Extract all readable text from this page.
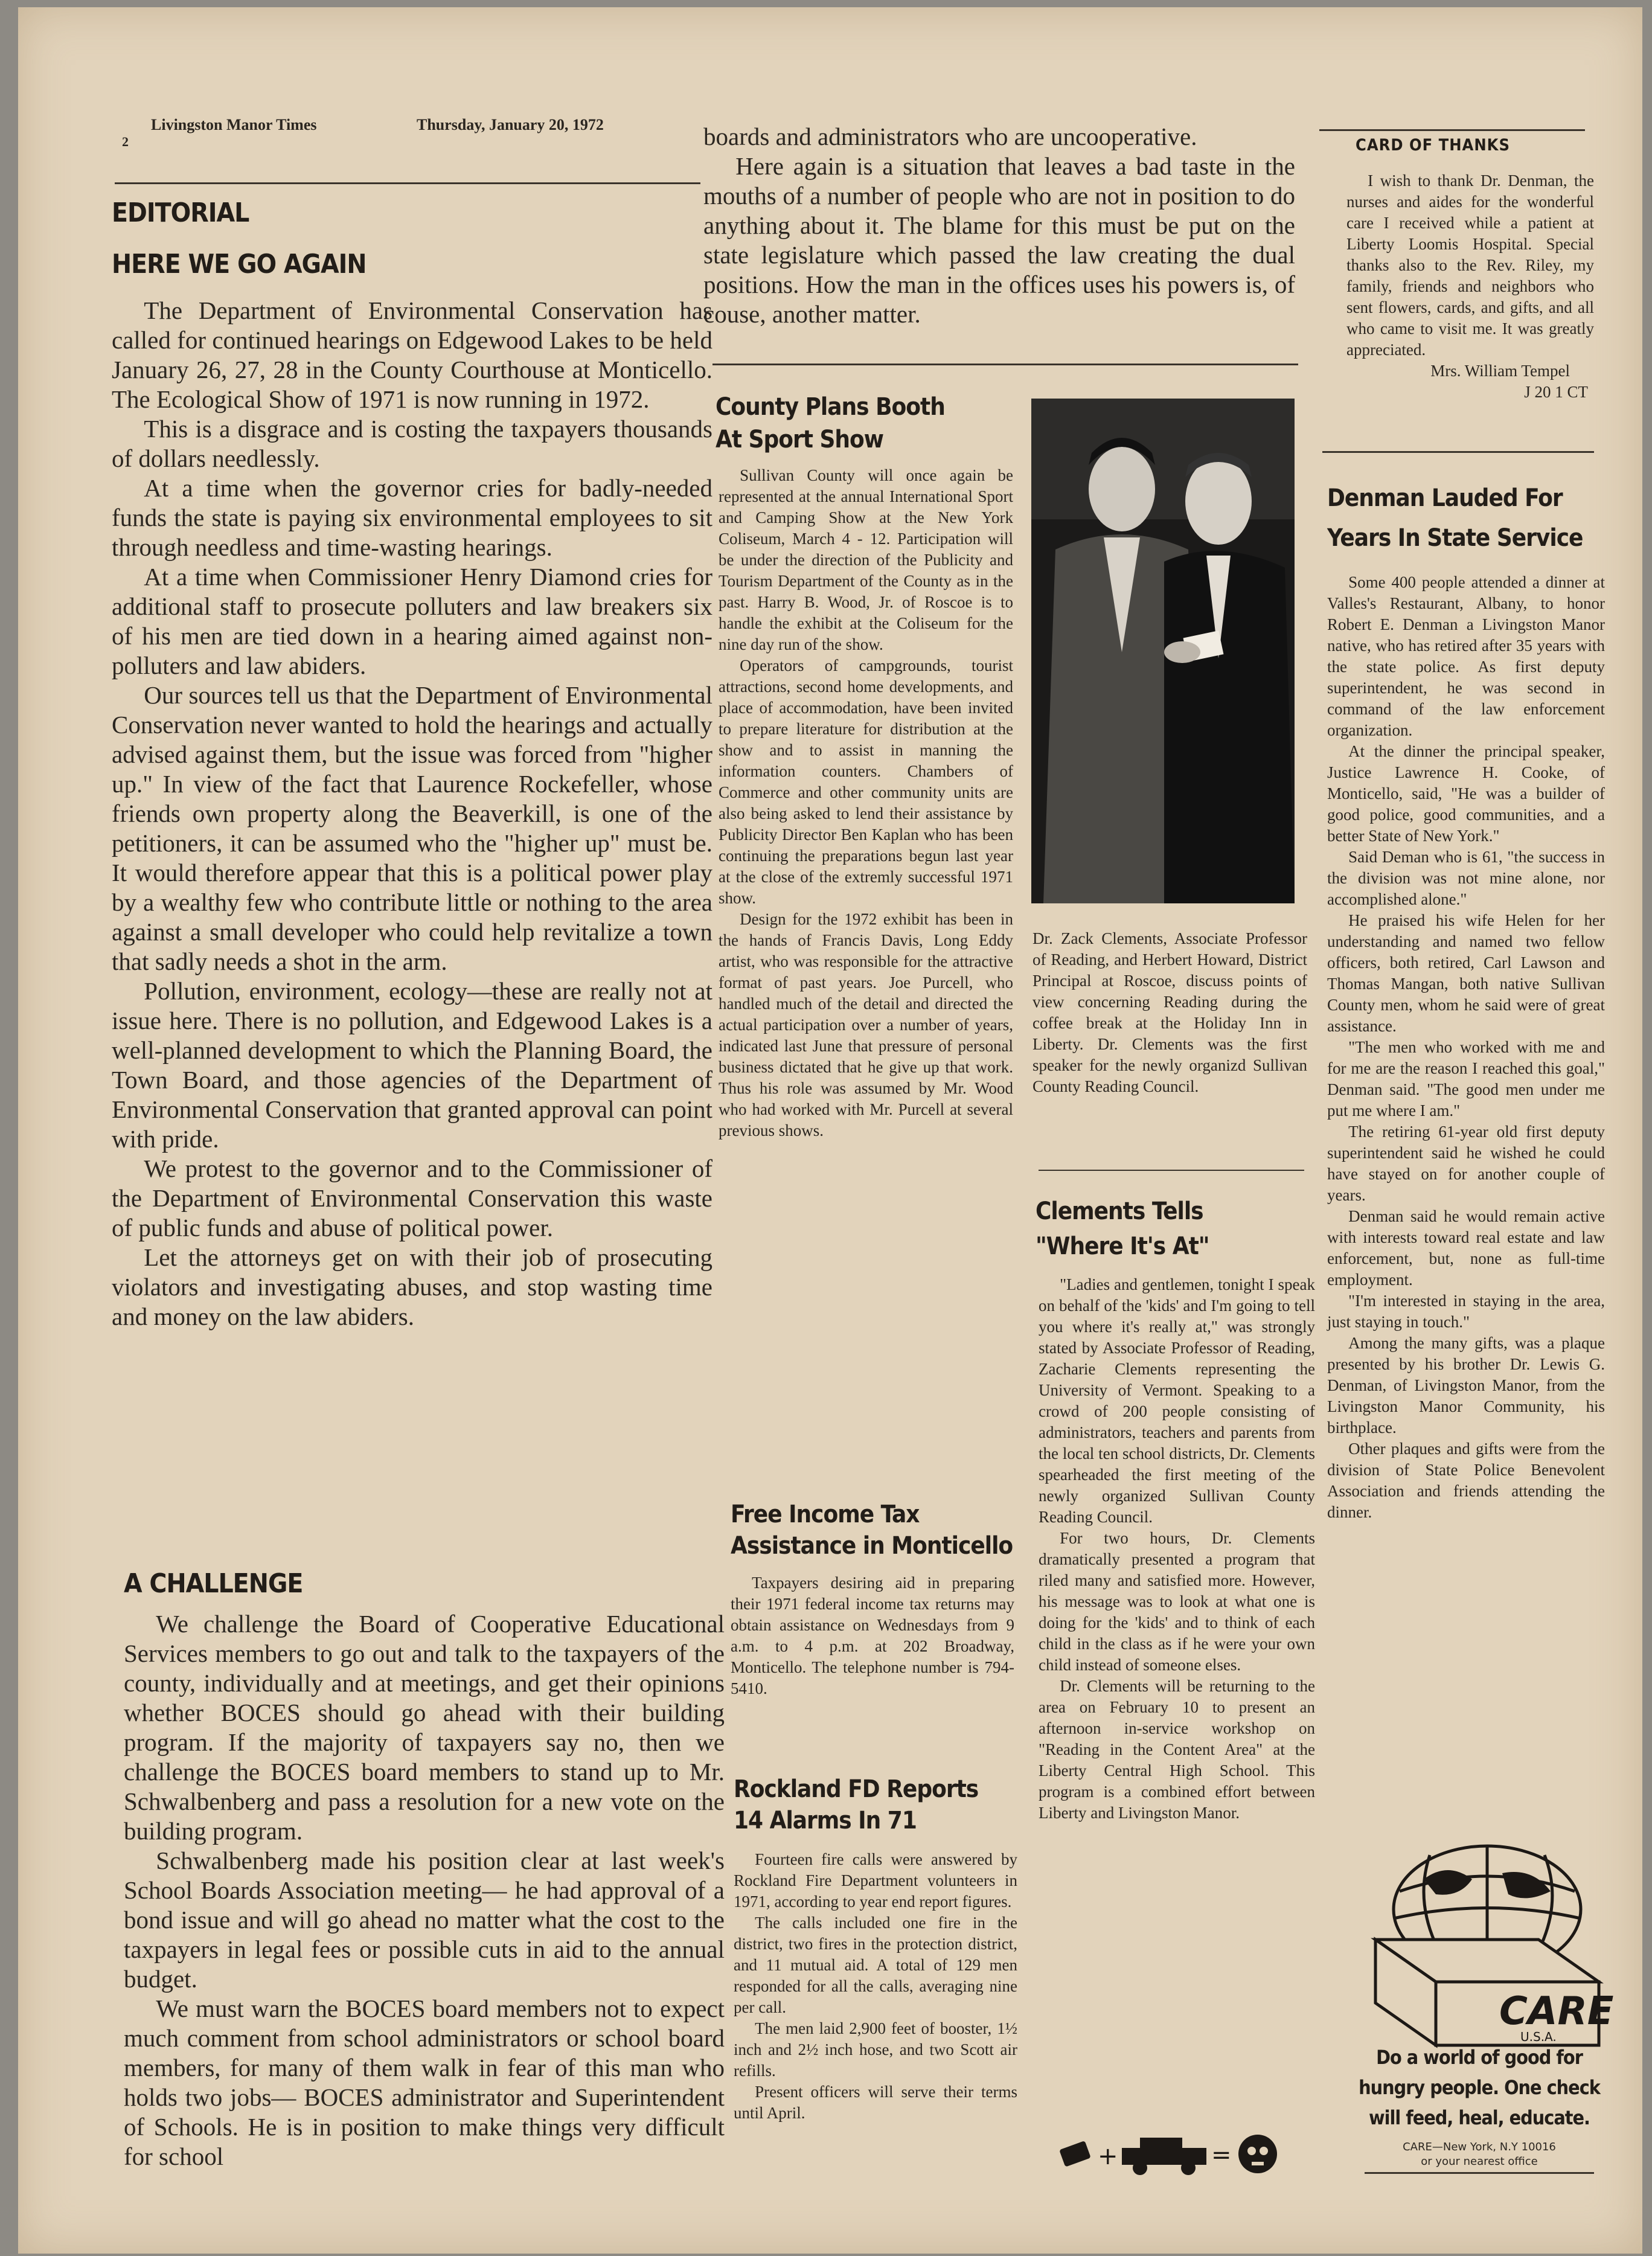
Livingston Manor Times	Thursday, January 20, 1972
2
EDITORIAL
HERE WE GO AGAIN

The Department of Environmental Conservation has called for continued hearings on Edgewood Lakes to be held January 26, 27, 28 in the County Courthouse at Monticello. The Ecological Show of 1971 is now running in 1972.

This is a disgrace and is costing the taxpayers thousands of dollars needlessly.

At a time when the governor cries for badly-needed funds the state is paying six environmental employees to sit through needless and time-wasting hearings.

At a time when Commissioner Henry Diamond cries for additional staff to prosecute polluters and law breakers six of his men are tied down in a hearing aimed against non-polluters and law abiders.

Our sources tell us that the Department of Environmental Conservation never wanted to hold the hearings and actually advised against them, but the issue was forced from "higher up." In view of the fact that Laurence Rockefeller, whose friends own property along the Beaverkill, is one of the petitioners, it can be assumed who the "higher up" must be. It would therefore appear that this is a political power play by a wealthy few who contribute little or nothing to the area against a small developer who could help revitalize a town that sadly needs a shot in the arm.

Pollution, environment, ecology—these are really not at issue here. There is no pollution, and Edgewood Lakes is a well-planned development to which the Planning Board, the Town Board, and those agencies of the Department of Environmental Conservation that granted approval can point with pride.

We protest to the governor and to the Commissioner of the Department of Environmental Conservation this waste of public funds and abuse of political power.

Let the attorneys get on with their job of prosecuting violators and investigating abuses, and stop wasting time and money on the law abiders.

A CHALLENGE

We challenge the Board of Cooperative Educational Services members to go out and talk to the taxpayers of the county, individually and at meetings, and get their opinions whether BOCES should go ahead with their building program. If the majority of taxpayers say no, then we challenge the BOCES board members to stand up to Mr. Schwalbenberg and pass a resolution for a new vote on the building program.

Schwalbenberg made his position clear at last week's School Boards Association meeting— he had approval of a bond issue and will go ahead no matter what the cost to the taxpayers in legal fees or possible cuts in aid to the annual budget.

We must warn the BOCES board members not to expect much comment from school administrators or school board members, for many of them walk in fear of this man who holds two jobs— BOCES administrator and Superintendent of Schools. He is in position to make things very difficult for school

boards and administrators who are uncooperative.

Here again is a situation that leaves a bad taste in the mouths of a number of people who are not in position to do anything about it. The blame for this must be put on the state legislature which passed the law creating the dual positions. How the man in the offices uses his powers is, of couse, another matter.

County Plans Booth
At Sport Show

Sullivan County will once again be represented at the annual International Sport and Camping Show at the New York Coliseum, March 4 - 12. Participation will be under the direction of the Publicity and Tourism Department of the County as in the past. Harry B. Wood, Jr. of Roscoe is to handle the exhibit at the Coliseum for the nine day run of the show.

Operators of campgrounds, tourist attractions, second home developments, and place of accommodation, have been invited to prepare literature for distribution at the show and to assist in manning the information counters. Chambers of Commerce and other community units are also being asked to lend their assistance by Publicity Director Ben Kaplan who has been continuing the preparations begun last year at the close of the extremly successful 1971 show.

Design for the 1972 exhibit has been in the hands of Francis Davis, Long Eddy artist, who was responsible for the attractive format of past years. Joe Purcell, who handled much of the detail and directed the actual participation over a number of years, indicated last June that pressure of personal business dictated that he give up that work. Thus his role was assumed by Mr. Wood who had worked with Mr. Purcell at several previous shows.

Dr. Zack Clements, Associate Professor of Reading, and Herbert Howard, District Principal at Roscoe, discuss points of view concerning Reading during the coffee break at the Holiday Inn in Liberty. Dr. Clements was the first speaker for the newly organizd Sullivan County Reading Council.
Free Income Tax
Assistance in Monticello

Taxpayers desiring aid in preparing their 1971 federal income tax returns may obtain assistance on Wednesdays from 9 a.m. to 4 p.m. at 202 Broadway, Monticello. The telephone number is 794-5410.

Rockland FD Reports
14 Alarms In 71

Fourteen fire calls were answered by Rockland Fire Department volunteers in 1971, according to year end report figures.

The calls included one fire in the district, two fires in the protection district, and 11 mutual aid. A total of 129 men responded for all the calls, averaging nine per call.

The men laid 2,900 feet of booster, 1½ inch and 2½ inch hose, and two Scott air refills.

Present officers will serve their terms until April.

Clements Tells
"Where It's At"

"Ladies and gentlemen, tonight I speak on behalf of the 'kids' and I'm going to tell you where it's really at," was strongly stated by Associate Professor of Reading, Zacharie Clements representing the University of Vermont. Speaking to a crowd of 200 people consisting of administrators, teachers and parents from the local ten school districts, Dr. Clements spearheaded the first meeting of the newly organized Sullivan County Reading Council.

For two hours, Dr. Clements dramatically presented a program that riled many and satisfied more. However, his message was to look at what one is doing for the 'kids' and to think of each child in the class as if he were your own child instead of someone elses.

Dr. Clements will be returning to the area on February 10 to present an afternoon in-service workshop on "Reading in the Content Area" at the Liberty Central High School. This program is a combined effort between Liberty and Livingston Manor.

+	=
CARD OF THANKS

I wish to thank Dr. Denman, the nurses and aides for the wonderful care I received while a patient at Liberty Loomis Hospital. Special thanks also to the Rev. Riley, my family, friends and neighbors who sent flowers, cards, and gifts, and all who came to visit me. It was greatly appreciated.

Mrs. William Tempel
J 20 1 CT
Denman Lauded For
Years In State Service

Some 400 people attended a dinner at Valles's Restaurant, Albany, to honor Robert E. Denman a Livingston Manor native, who has retired after 35 years with the state police. As first deputy superintendent, he was second in command of the law enforcement organization.

At the dinner the principal speaker, Justice Lawrence H. Cooke, of Monticello, said, "He was a builder of good police, good communities, and a better State of New York."

Said Deman who is 61, "the success in the division was not mine alone, nor accomplished alone."

He praised his wife Helen for her understanding and named two fellow officers, both retired, Carl Lawson and Thomas Mangan, both native Sullivan County men, whom he said were of great assistance.

"The men who worked with me and for me are the reason I reached this goal," Denman said. "The good men under me put me where I am."

The retiring 61-year old first deputy superintendent said he wished he could have stayed on for another couple of years.

Denman said he would remain active with interests toward real estate and law enforcement, but, none as full-time employment.

"I'm interested in staying in the area, just staying in touch."

Among the many gifts, was a plaque presented by his brother Dr. Lewis G. Denman, of Livingston Manor, from the Livingston Manor Community, his birthplace.

Other plaques and gifts were from the division of State Police Benevolent Association and friends attending the dinner.

CARE
U.S.A.
Do a world of good for
hungry people. One check
will feed, heal, educate.
CARE—New York, N.Y 10016
or your nearest office
